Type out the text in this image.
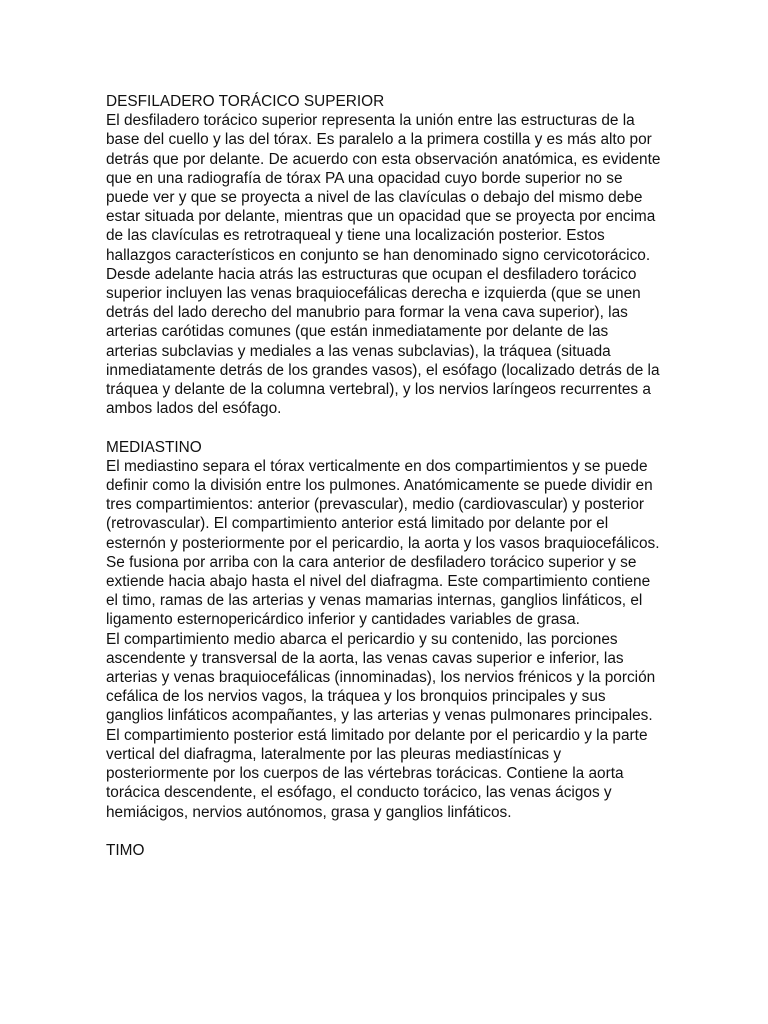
DESFILADERO TORÁCICO SUPERIOR

El desfiladero torácico superior representa la unión entre las estructuras de la base del cuello y las del tórax. Es paralelo a la primera costilla y es más alto por detrás que por delante. De acuerdo con esta observación anatómica, es evidente que en una radiografía de tórax PA una opacidad cuyo borde superior no se puede ver y que se proyecta a nivel de las clavículas o debajo del mismo debe estar situada por delante, mientras que un opacidad que se proyecta por encima de las clavículas es retrotraqueal y tiene una localización posterior. Estos hallazgos característicos en conjunto se han denominado signo cervicotorácico. Desde adelante hacia atrás las estructuras que ocupan el desfiladero torácico superior incluyen las venas braquiocefálicas derecha e izquierda (que se unen detrás del lado derecho del manubrio para formar la vena cava superior), las arterias carótidas comunes (que están inmediatamente por delante de las arterias subclavias y mediales a las venas subclavias), la tráquea (situada inmediatamente detrás de los grandes vasos), el esófago (localizado detrás de la tráquea y delante de la columna vertebral), y los nervios laríngeos recurrentes a ambos lados del esófago.

MEDIASTINO

El mediastino separa el tórax verticalmente en dos compartimientos y se puede definir como la división entre los pulmones. Anatómicamente se puede dividir en tres compartimientos: anterior (prevascular), medio (cardiovascular) y posterior (retrovascular). El compartimiento anterior está limitado por delante por el esternón y posteriormente por el pericardio, la aorta y los vasos braquiocefálicos. Se fusiona por arriba con la cara anterior de desfiladero torácico superior y se extiende hacia abajo hasta el nivel del diafragma. Este compartimiento contiene el timo, ramas de las arterias y venas mamarias internas, ganglios linfáticos, el ligamento esternopericárdico inferior y cantidades variables de grasa.

El compartimiento medio abarca el pericardio y su contenido, las porciones ascendente y transversal de la aorta, las venas cavas superior e inferior, las arterias y venas braquiocefálicas (innominadas), los nervios frénicos y la porción cefálica de los nervios vagos, la tráquea y los bronquios principales y sus ganglios linfáticos acompañantes, y las arterias y venas pulmonares principales.

El compartimiento posterior está limitado por delante por el pericardio y la parte vertical del diafragma, lateralmente por las pleuras mediastínicas y posteriormente por los cuerpos de las vértebras torácicas. Contiene la aorta torácica descendente, el esófago, el conducto torácico, las venas ácigos y hemiácigos, nervios autónomos, grasa y ganglios linfáticos.

TIMO
